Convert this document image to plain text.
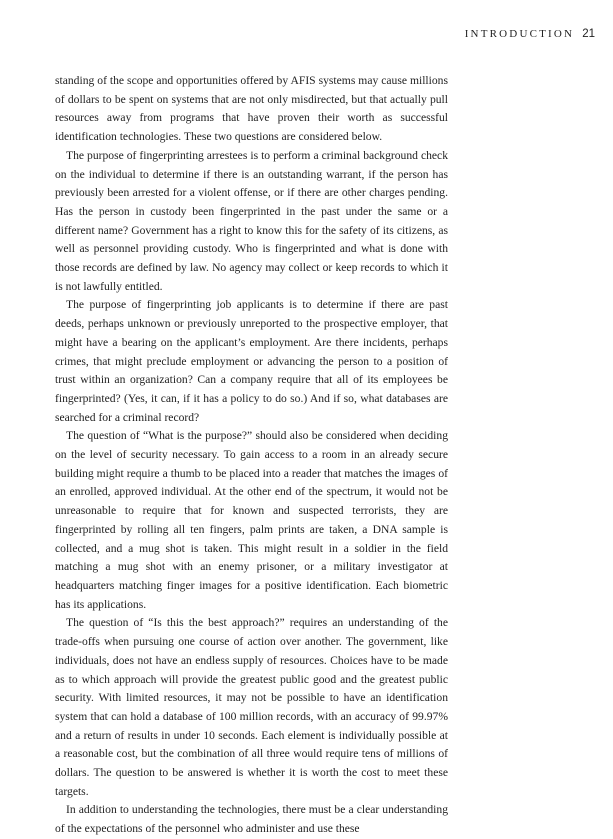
INTRODUCTION 21

standing of the scope and opportunities offered by AFIS systems may cause millions of dollars to be spent on systems that are not only misdirected, but that actually pull resources away from programs that have proven their worth as successful identification technologies. These two questions are considered below.

The purpose of fingerprinting arrestees is to perform a criminal background check on the individual to determine if there is an outstanding warrant, if the person has previously been arrested for a violent offense, or if there are other charges pending. Has the person in custody been fingerprinted in the past under the same or a different name? Government has a right to know this for the safety of its citizens, as well as personnel providing custody. Who is fingerprinted and what is done with those records are defined by law. No agency may collect or keep records to which it is not lawfully entitled.

The purpose of fingerprinting job applicants is to determine if there are past deeds, perhaps unknown or previously unreported to the prospective employer, that might have a bearing on the applicant’s employment. Are there incidents, perhaps crimes, that might preclude employment or advancing the person to a position of trust within an organization? Can a company require that all of its employees be fingerprinted? (Yes, it can, if it has a policy to do so.) And if so, what databases are searched for a criminal record?

The question of “What is the purpose?” should also be considered when deciding on the level of security necessary. To gain access to a room in an already secure building might require a thumb to be placed into a reader that matches the images of an enrolled, approved individual. At the other end of the spectrum, it would not be unreasonable to require that for known and suspected terrorists, they are fingerprinted by rolling all ten fingers, palm prints are taken, a DNA sample is collected, and a mug shot is taken. This might result in a soldier in the field matching a mug shot with an enemy prisoner, or a military investigator at headquarters matching finger images for a positive identification. Each biometric has its applications.

The question of “Is this the best approach?” requires an understanding of the trade-offs when pursuing one course of action over another. The government, like individuals, does not have an endless supply of resources. Choices have to be made as to which approach will provide the greatest public good and the greatest public security. With limited resources, it may not be possible to have an identification system that can hold a database of 100 million records, with an accuracy of 99.97% and a return of results in under 10 seconds. Each element is individually possible at a reasonable cost, but the combination of all three would require tens of millions of dollars. The question to be answered is whether it is worth the cost to meet these targets.

In addition to understanding the technologies, there must be a clear understanding of the expectations of the personnel who administer and use these
